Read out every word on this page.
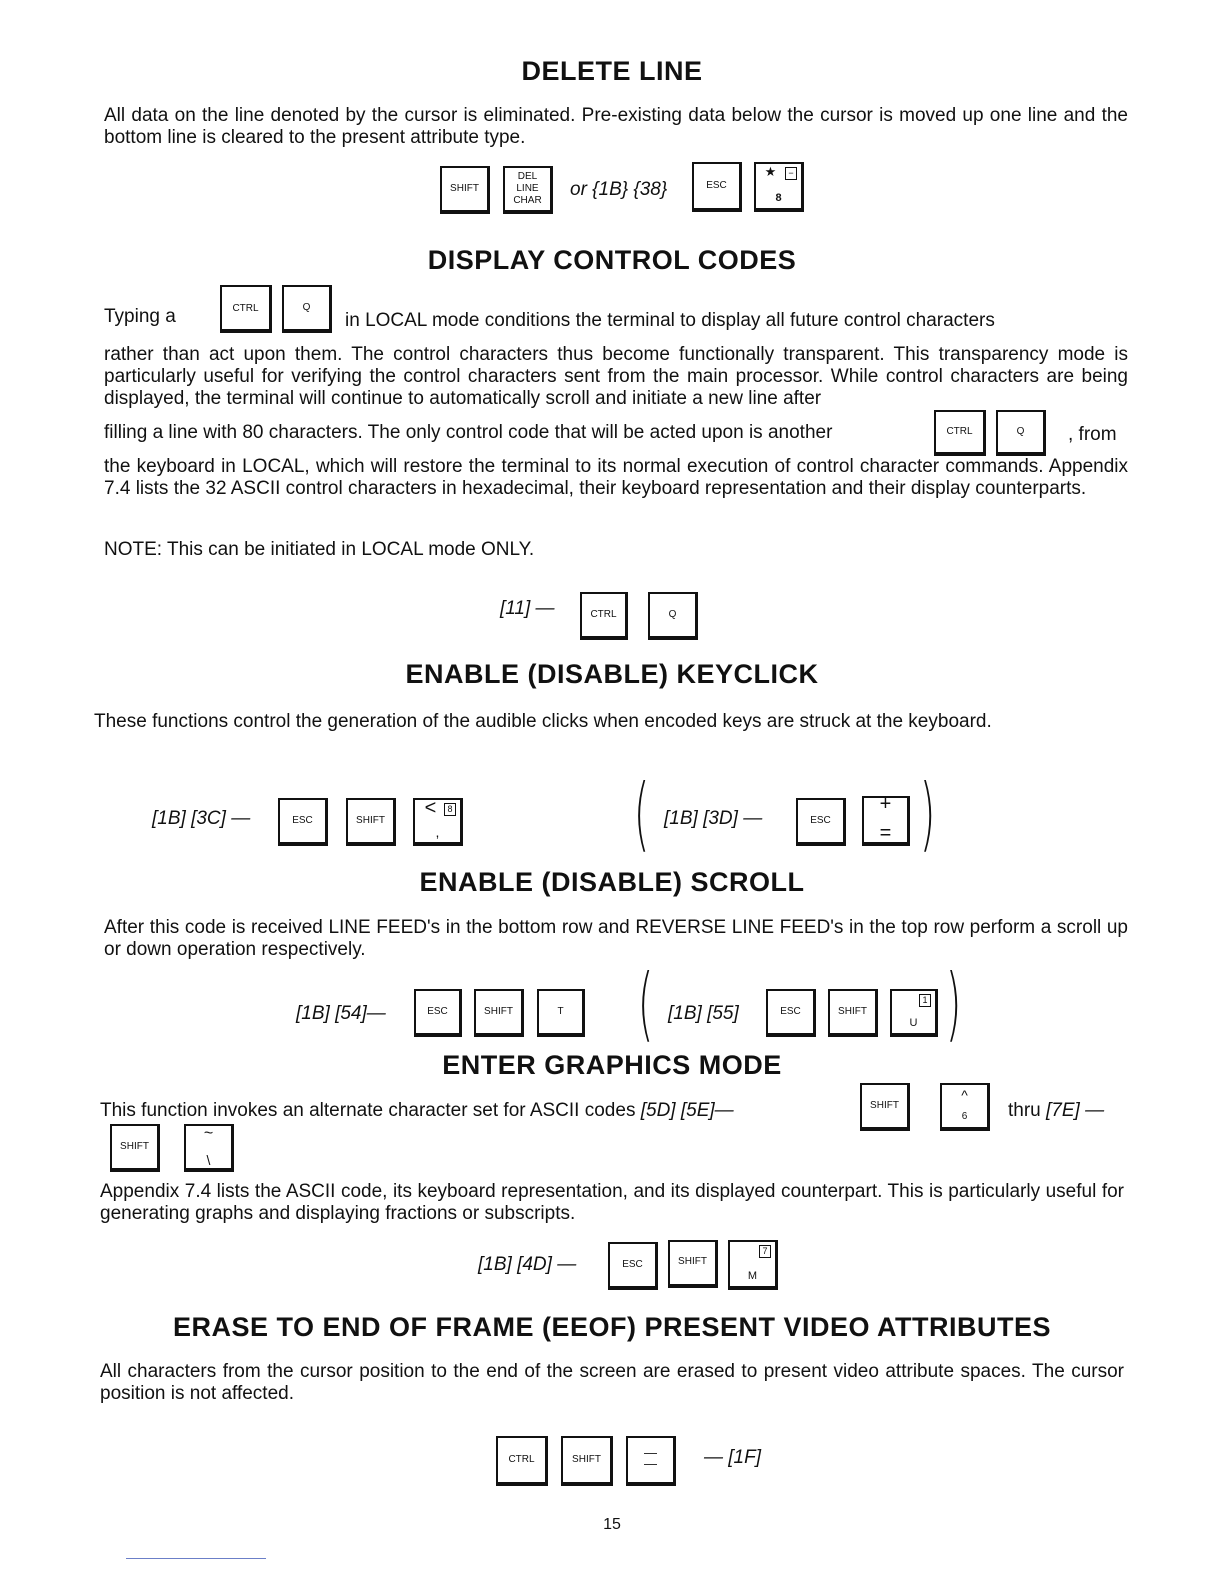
DELETE LINE
All data on the line denoted by the cursor is eliminated. Pre-existing data below the cursor is moved up one line and the bottom line is cleared to the present attribute type.
SHIFT
DEL
LINE
CHAR
or {1B} {38}	ESC
★	−
8
DISPLAY CONTROL CODES
Typing a	CTRL	Q
in LOCAL mode conditions the terminal to display all future control characters
rather than act upon them. The control characters thus become functionally transparent. This transparency mode is particularly useful for verifying the control characters sent from the main processor. While control characters are being displayed, the terminal will continue to automatically scroll and initiate a new line after
filling a line with 80 characters. The only control code that will be acted upon is another	CTRL	Q	, from
the keyboard in LOCAL, which will restore the terminal to its normal execution of control character commands. Appendix 7.4 lists the 32 ASCII control characters in hexadecimal, their keyboard representation and their display counterparts.
NOTE: This can be initiated in LOCAL mode ONLY.
[11] —	CTRL	Q
ENABLE (DISABLE) KEYCLICK
These functions control the generation of the audible clicks when encoded keys are struck at the keyboard.
[1B] [3C] —	ESC	SHIFT
<	8
, ( [1B] [3D] —	ESC
+
= )
ENABLE (DISABLE) SCROLL
After this code is received LINE FEED's in the bottom row and REVERSE LINE FEED's in the top row perform a scroll up or down operation respectively.
[1B] [54]—	ESC	SHIFT	T ( [1B] [55]	ESC	SHIFT
1
U )
ENTER GRAPHICS MODE
This function invokes an alternate character set for ASCII codes [5D] [5E]—	SHIFT
^
6	thru [7E] —
SHIFT
~
\
Appendix 7.4 lists the ASCII code, its keyboard representation, and its displayed counterpart. This is particularly useful for generating graphs and displaying fractions or subscripts.
[1B] [4D] —	ESC	SHIFT
7
M
ERASE TO END OF FRAME (EEOF) PRESENT VIDEO ATTRIBUTES
All characters from the cursor position to the end of the screen are erased to present video attribute spaces. The cursor position is not affected.
CTRL	SHIFT	—
— — [1F]
15
